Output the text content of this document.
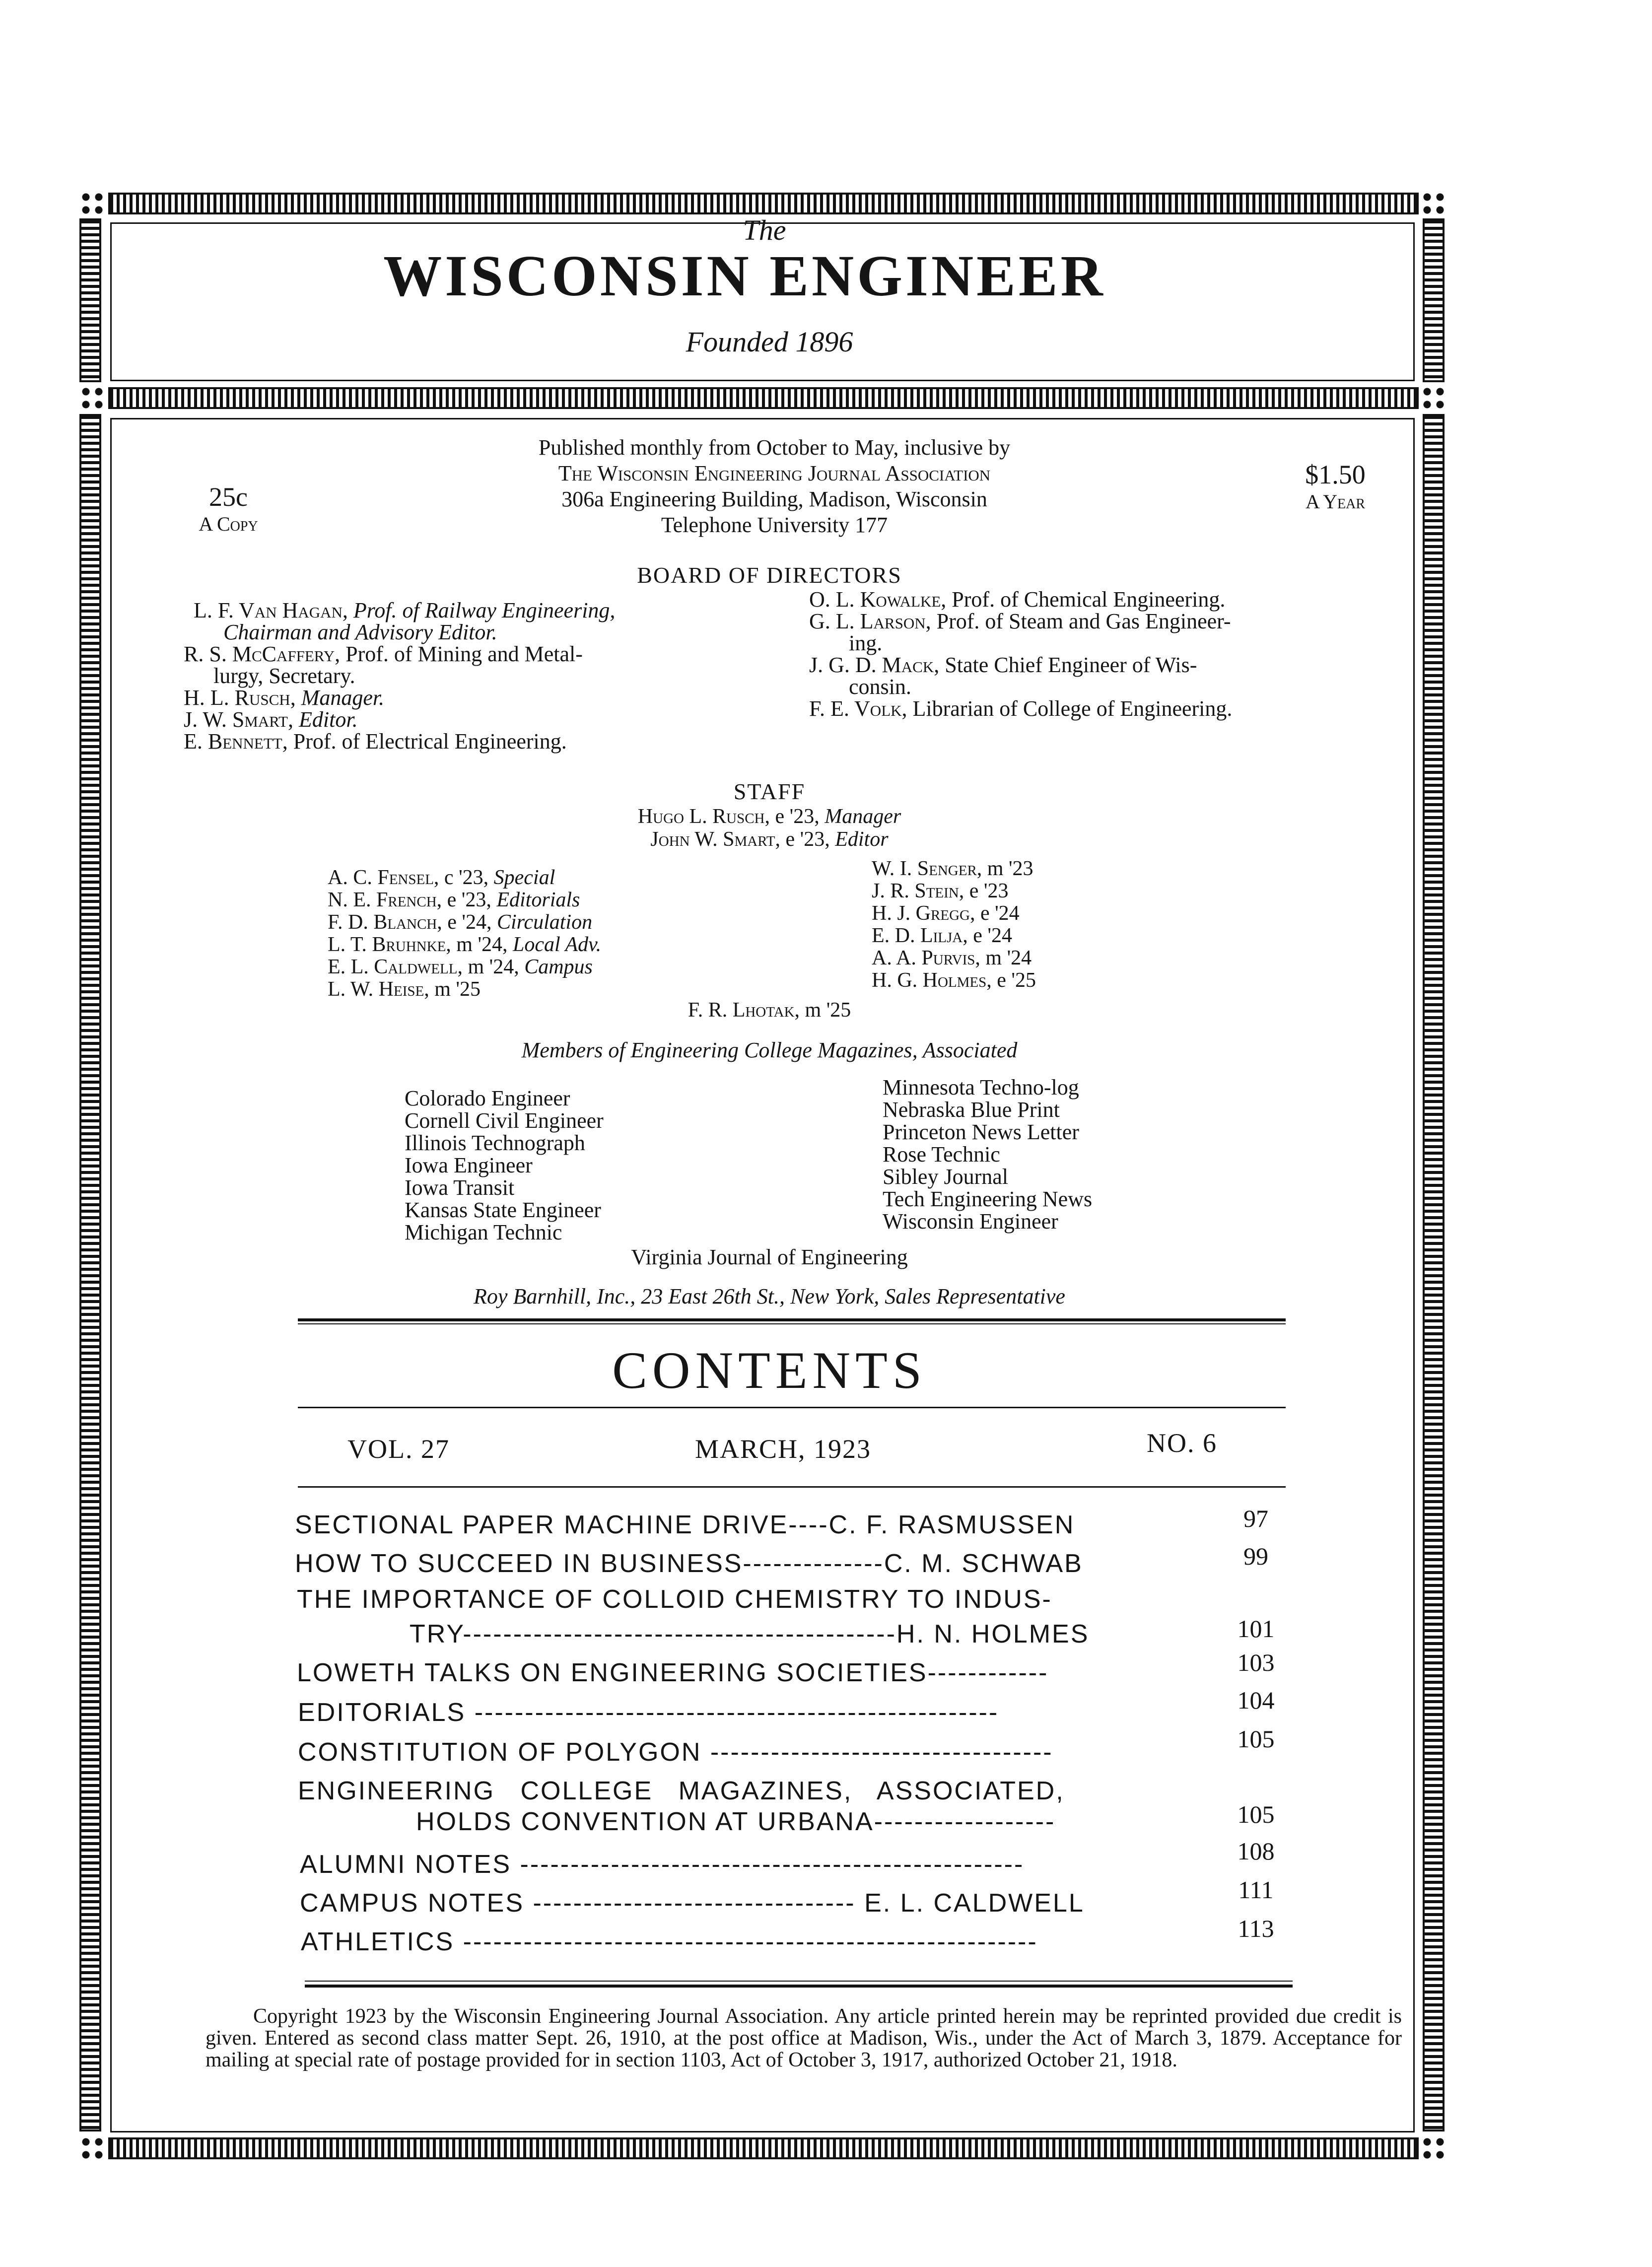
The
WISCONSIN ENGINEER
Founded 1896
Published monthly from October to May, inclusive by
The Wisconsin Engineering Journal Association
306a Engineering Building, Madison, Wisconsin
Telephone University 177
25c
A Copy
$1.50
A Year
BOARD OF DIRECTORS
L. F. Van Hagan, Prof. of Railway Engineering,
Chairman and Advisory Editor.
R. S. McCaffery, Prof. of Mining and Metal-
lurgy, Secretary.
H. L. Rusch, Manager.
J. W. Smart, Editor.
E. Bennett, Prof. of Electrical Engineering.
O. L. Kowalke, Prof. of Chemical Engineering.
G. L. Larson, Prof. of Steam and Gas Engineer-
ing.
J. G. D. Mack, State Chief Engineer of Wis-
consin.
F. E. Volk, Librarian of College of Engineering.
STAFF
Hugo L. Rusch, e '23, Manager
John W. Smart, e '23, Editor
A. C. Fensel, c '23, Special
N. E. French, e '23, Editorials
F. D. Blanch, e '24, Circulation
L. T. Bruhnke, m '24, Local Adv.
E. L. Caldwell, m '24, Campus
L. W. Heise, m '25
W. I. Senger, m '23
J. R. Stein, e '23
H. J. Gregg, e '24
E. D. Lilja, e '24
A. A. Purvis, m '24
H. G. Holmes, e '25
F. R. Lhotak, m '25
Members of Engineering College Magazines, Associated
Colorado Engineer
Cornell Civil Engineer
Illinois Technograph
Iowa Engineer
Iowa Transit
Kansas State Engineer
Michigan Technic
Minnesota Techno-log
Nebraska Blue Print
Princeton News Letter
Rose Technic
Sibley Journal
Tech Engineering News
Wisconsin Engineer
Virginia Journal of Engineering
Roy Barnhill, Inc., 23 East 26th St., New York, Sales Representative
CONTENTS
VOL. 27	MARCH, 1923	NO. 6
SECTIONAL PAPER MACHINE DRIVE----C. F. RASMUSSEN	97
HOW TO SUCCEED IN BUSINESS--------------C. M. SCHWAB	99
THE IMPORTANCE OF COLLOID CHEMISTRY TO INDUS-
TRY-------------------------------------------H. N. HOLMES	101
LOWETH TALKS ON ENGINEERING SOCIETIES------------	103
EDITORIALS ----------------------------------------------------	104
CONSTITUTION OF POLYGON ----------------------------------	105
ENGINEERING COLLEGE MAGAZINES, ASSOCIATED,
HOLDS CONVENTION AT URBANA------------------	105
ALUMNI NOTES --------------------------------------------------	108
CAMPUS NOTES -------------------------------- E. L. CALDWELL	111
ATHLETICS ---------------------------------------------------------	113
Copyright 1923 by the Wisconsin Engineering Journal Association. Any article printed herein may be reprinted provided due credit is given. Entered as second class matter Sept. 26, 1910, at the post office at Madison, Wis., under the Act of March 3, 1879. Acceptance for mailing at special rate of postage provided for in section 1103, Act of October 3, 1917, authorized October 21, 1918.
